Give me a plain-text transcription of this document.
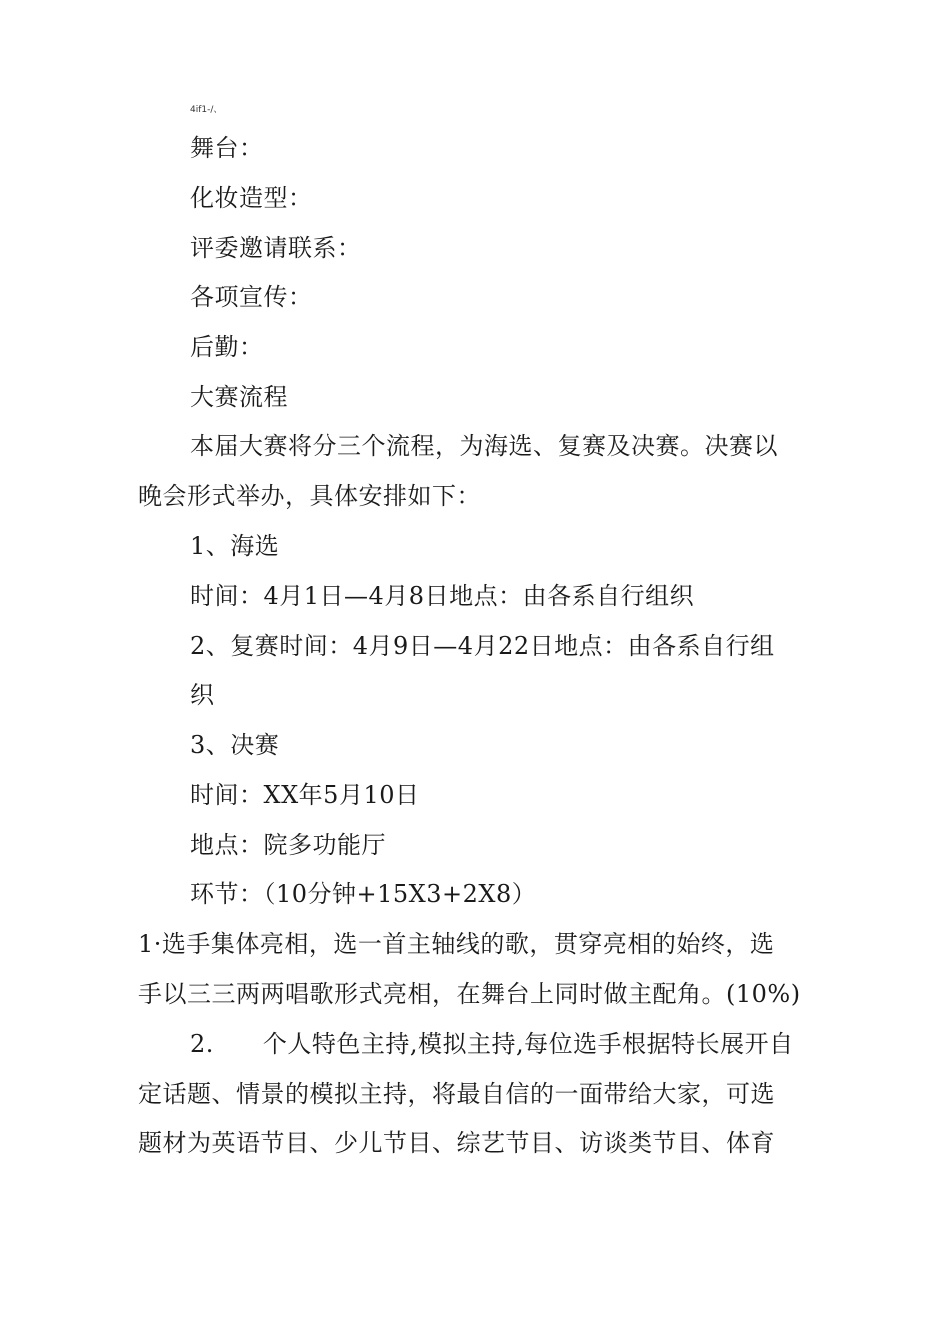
4if1-/、
舞台：
化妆造型：
评委邀请联系：
各项宣传：
后勤：
大赛流程
本届大赛将分三个流程，为海选、复赛及决赛。决赛以
晚会形式举办，具体安排如下：
1、海选
时间：4月1日—4月8日地点：由各系自行组织
2、复赛时间：4月9日—4月22日地点：由各系自行组
织
3、决赛
时间：XX年5月10日
地点：院多功能厅
环节：（10分钟+15X3+2X8）
1·选手集体亮相，选一首主轴线的歌，贯穿亮相的始终，选
手以三三两两唱歌形式亮相，在舞台上同时做主配角。(10%)
2.　　个人特色主持,模拟主持,每位选手根据特长展开自
定话题、情景的模拟主持，将最自信的一面带给大家，可选
题材为英语节目、少儿节目、综艺节目、访谈类节目、体育
